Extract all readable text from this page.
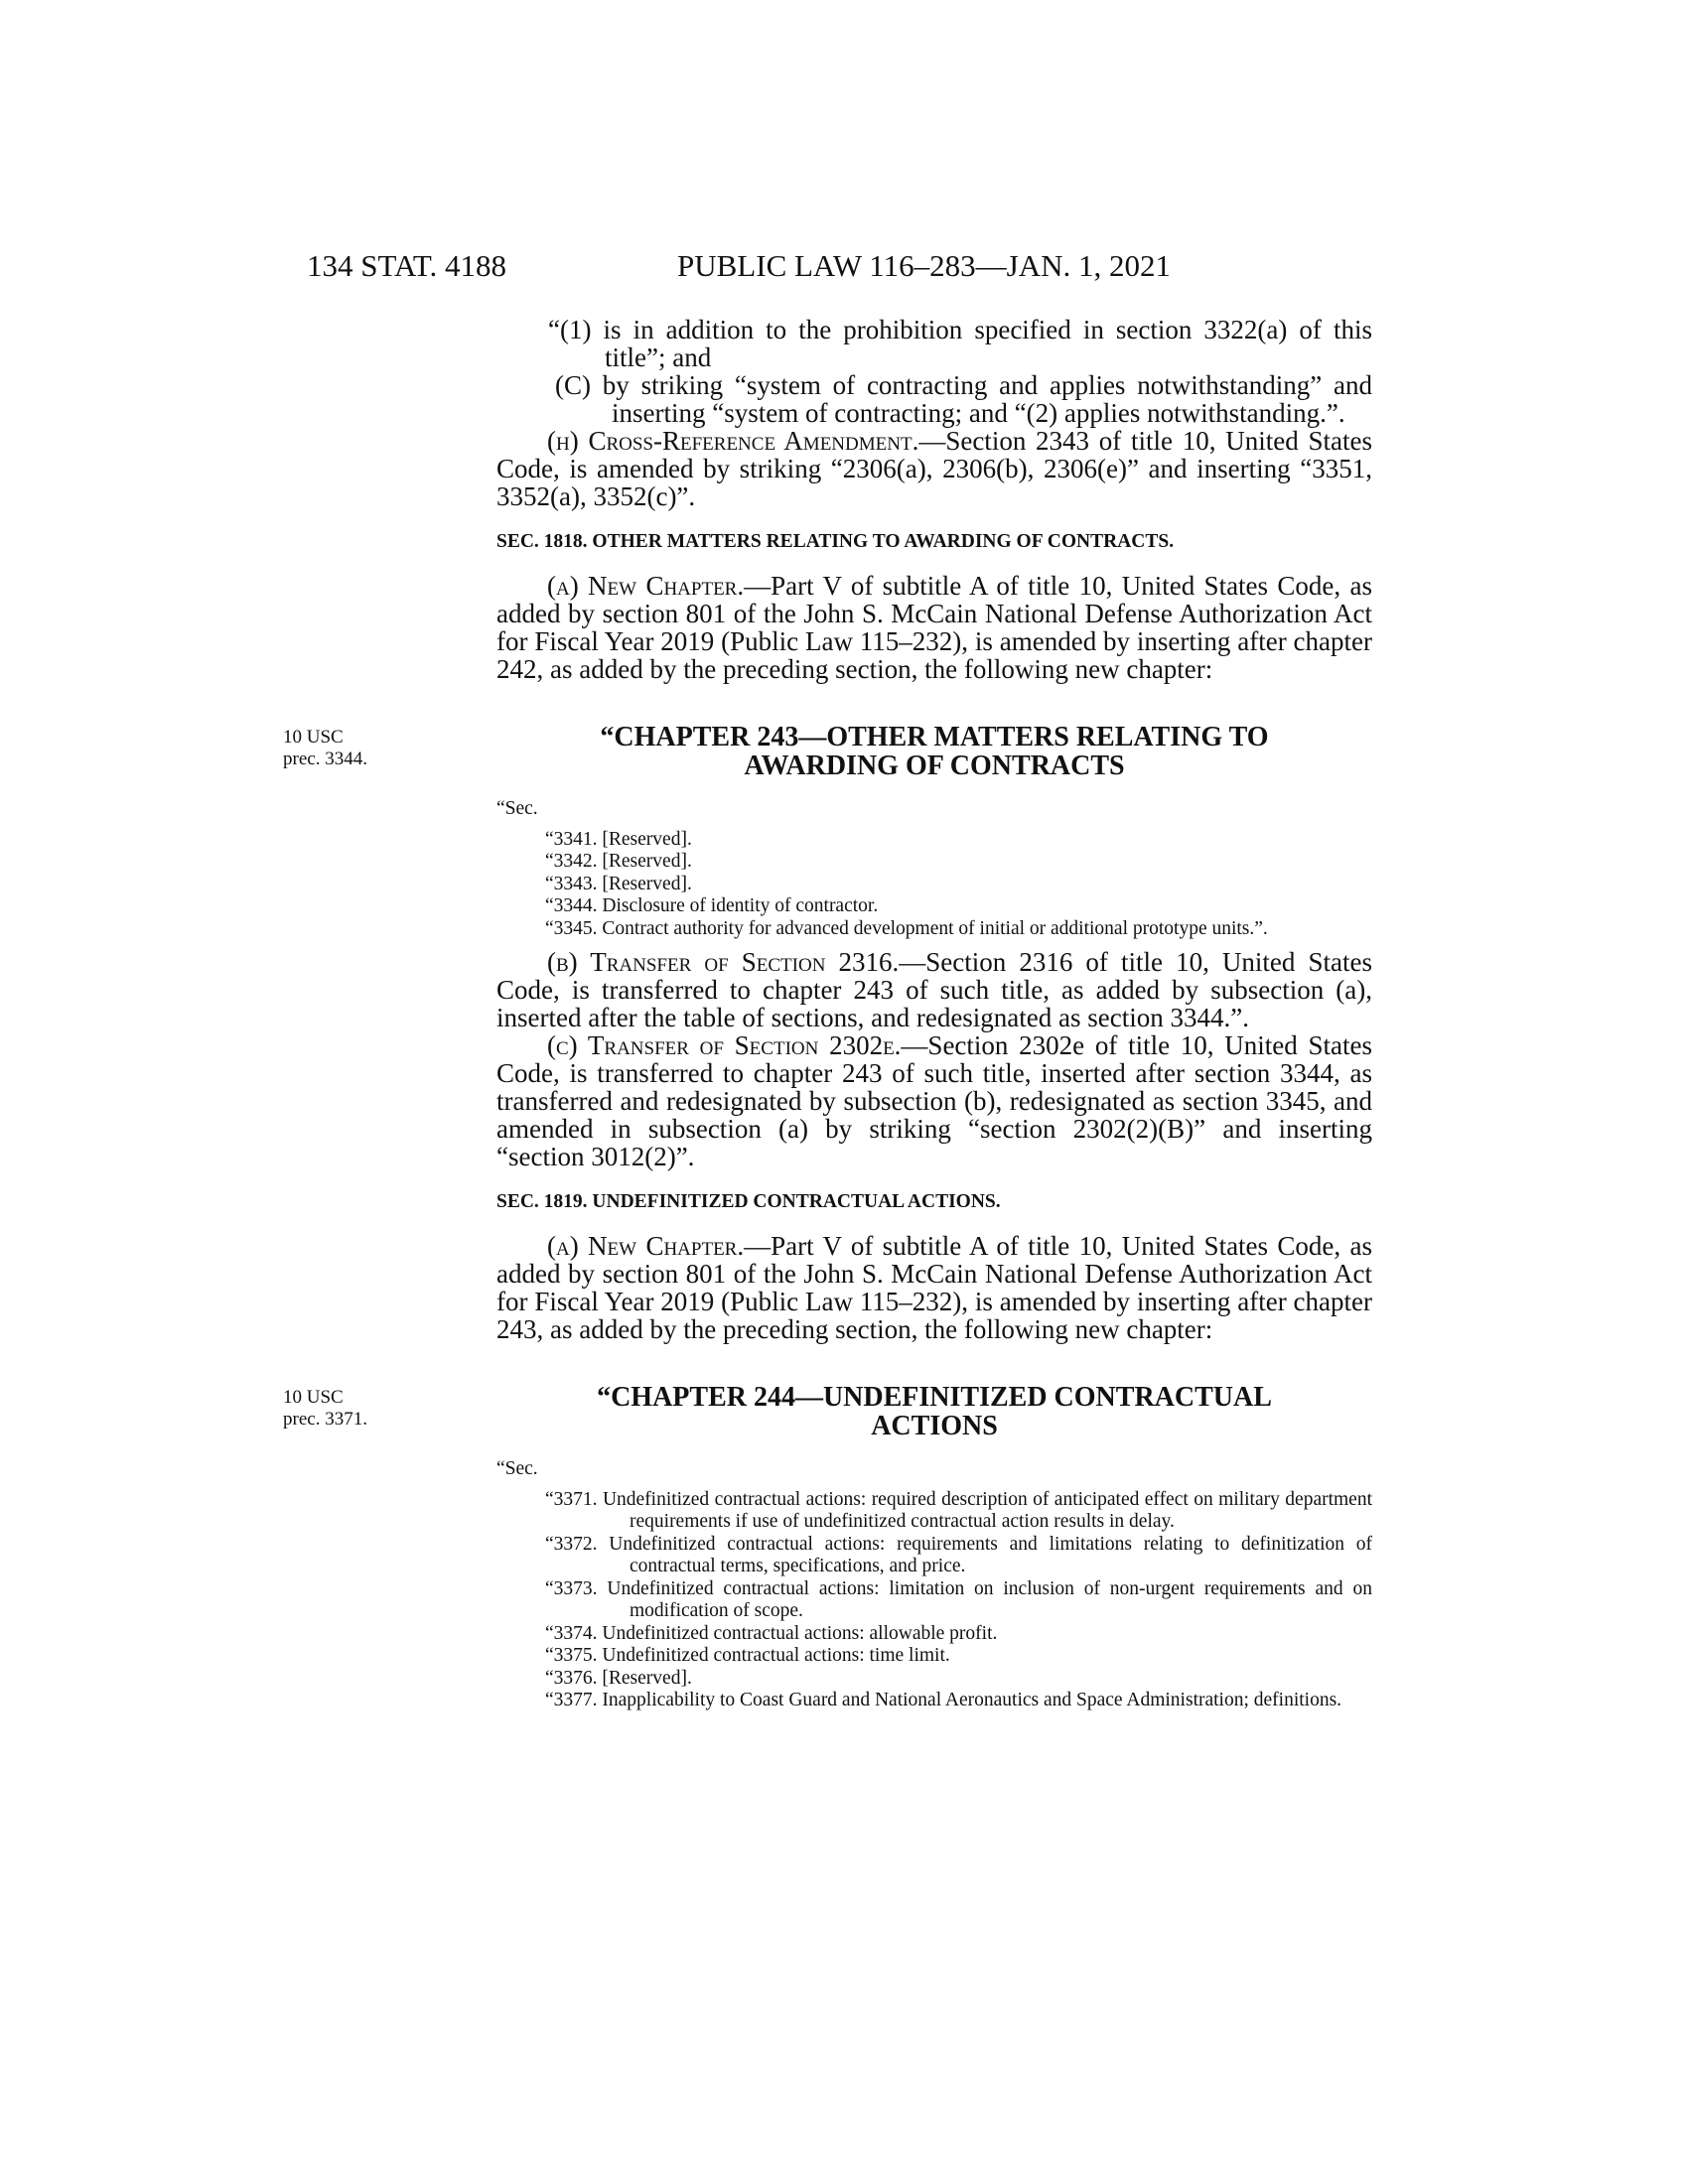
134 STAT. 4188	PUBLIC LAW 116–283—JAN. 1, 2021

“(1) is in addition to the prohibition specified in section 3322(a) of this title”; and

(C) by striking “system of contracting and applies notwithstanding” and inserting “system of contracting; and “(2) applies notwithstanding.”.

(h) Cross-Reference Amendment.—Section 2343 of title 10, United States Code, is amended by striking “2306(a), 2306(b), 2306(e)” and inserting “3351, 3352(a), 3352(c)”.

SEC. 1818. OTHER MATTERS RELATING TO AWARDING OF CONTRACTS.

(a) New Chapter.—Part V of subtitle A of title 10, United States Code, as added by section 801 of the John S. McCain National Defense Authorization Act for Fiscal Year 2019 (Public Law 115–232), is amended by inserting after chapter 242, as added by the preceding section, the following new chapter:

10 USC
prec. 3344.

“CHAPTER 243—OTHER MATTERS RELATING TO

AWARDING OF CONTRACTS

“Sec.

“3341. [Reserved].

“3342. [Reserved].

“3343. [Reserved].

“3344. Disclosure of identity of contractor.

“3345. Contract authority for advanced development of initial or additional prototype units.”.

(b) Transfer of Section 2316.—Section 2316 of title 10, United States Code, is transferred to chapter 243 of such title, as added by subsection (a), inserted after the table of sections, and redesignated as section 3344.”.

(c) Transfer of Section 2302e.—Section 2302e of title 10, United States Code, is transferred to chapter 243 of such title, inserted after section 3344, as transferred and redesignated by subsection (b), redesignated as section 3345, and amended in subsection (a) by striking “section 2302(2)(B)” and inserting “section 3012(2)”.

SEC. 1819. UNDEFINITIZED CONTRACTUAL ACTIONS.

(a) New Chapter.—Part V of subtitle A of title 10, United States Code, as added by section 801 of the John S. McCain National Defense Authorization Act for Fiscal Year 2019 (Public Law 115–232), is amended by inserting after chapter 243, as added by the preceding section, the following new chapter:

10 USC
prec. 3371.

“CHAPTER 244—UNDEFINITIZED CONTRACTUAL

ACTIONS

“Sec.

“3371. Undefinitized contractual actions: required description of anticipated effect on military department requirements if use of undefinitized contractual action results in delay.

“3372. Undefinitized contractual actions: requirements and limitations relating to definitization of contractual terms, specifications, and price.

“3373. Undefinitized contractual actions: limitation on inclusion of non-urgent requirements and on modification of scope.

“3374. Undefinitized contractual actions: allowable profit.

“3375. Undefinitized contractual actions: time limit.

“3376. [Reserved].

“3377. Inapplicability to Coast Guard and National Aeronautics and Space Administration; definitions.
